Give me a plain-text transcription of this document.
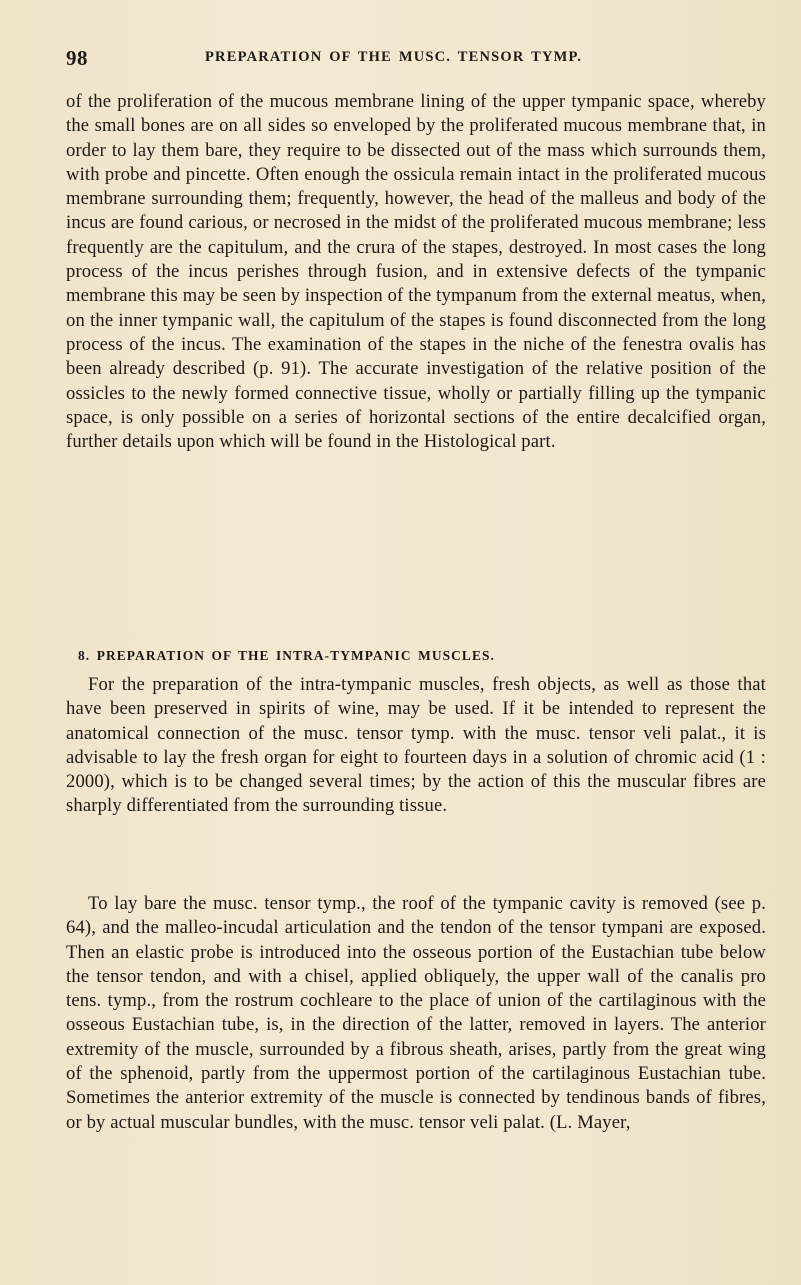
98	PREPARATION OF THE MUSC. TENSOR TYMP.

of the proliferation of the mucous membrane lining of the upper tympanic space, whereby the small bones are on all sides so enveloped by the proliferated mucous membrane that, in order to lay them bare, they require to be dissected out of the mass which surrounds them, with probe and pincette. Often enough the ossicula remain intact in the proliferated mucous membrane surrounding them; frequently, however, the head of the malleus and body of the incus are found carious, or necrosed in the midst of the proliferated mucous membrane; less frequently are the capitulum, and the crura of the stapes, destroyed. In most cases the long process of the incus perishes through fusion, and in extensive defects of the tympanic membrane this may be seen by inspection of the tympanum from the external meatus, when, on the inner tympanic wall, the capitulum of the stapes is found disconnected from the long process of the incus. The examination of the stapes in the niche of the fenestra ovalis has been already described (p. 91). The accurate investigation of the relative position of the ossicles to the newly formed connective tissue, wholly or partially filling up the tympanic space, is only possible on a series of horizontal sections of the entire decalcified organ, further details upon which will be found in the Histological part.

8. PREPARATION OF THE INTRA-TYMPANIC MUSCLES.

For the preparation of the intra-tympanic muscles, fresh objects, as well as those that have been preserved in spirits of wine, may be used. If it be intended to represent the anatomical connection of the musc. tensor tymp. with the musc. tensor veli palat., it is advisable to lay the fresh organ for eight to fourteen days in a solution of chromic acid (1 : 2000), which is to be changed several times; by the action of this the muscular fibres are sharply differentiated from the surrounding tissue.

To lay bare the musc. tensor tymp., the roof of the tympanic cavity is removed (see p. 64), and the malleo-incudal articulation and the tendon of the tensor tympani are exposed. Then an elastic probe is introduced into the osseous portion of the Eustachian tube below the tensor tendon, and with a chisel, applied obliquely, the upper wall of the canalis pro tens. tymp., from the rostrum cochleare to the place of union of the cartilaginous with the osseous Eustachian tube, is, in the direction of the latter, removed in layers. The anterior extremity of the muscle, surrounded by a fibrous sheath, arises, partly from the great wing of the sphenoid, partly from the uppermost portion of the cartilaginous Eustachian tube. Sometimes the anterior extremity of the muscle is connected by tendinous bands of fibres, or by actual muscular bundles, with the musc. tensor veli palat. (L. Mayer,
